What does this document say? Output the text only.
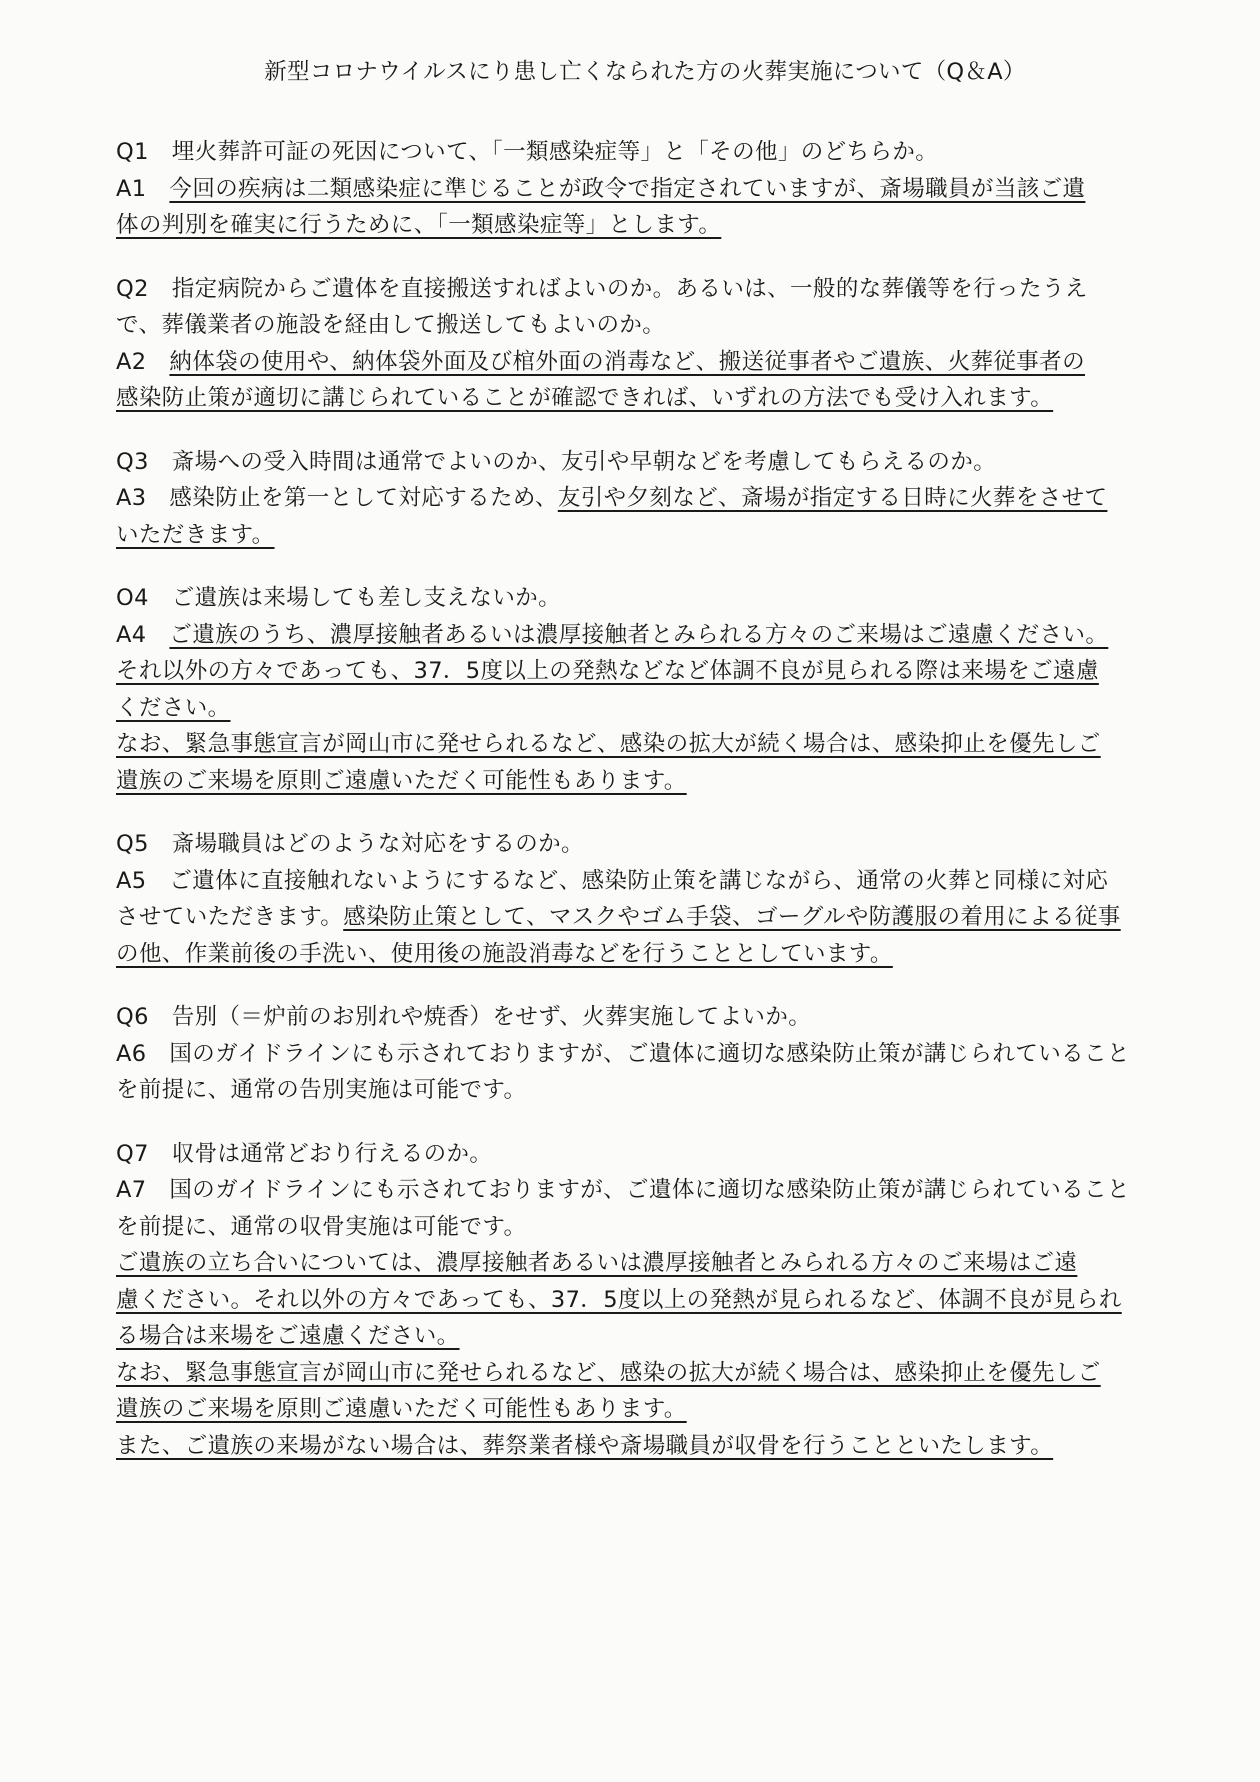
新型コロナウイルスにり患し亡くなられた方の火葬実施について（Q＆A）
Q1　埋火葬許可証の死因について、「一類感染症等」と「その他」のどちらか。
A1　今回の疾病は二類感染症に準じることが政令で指定されていますが、斎場職員が当該ご遺
体の判別を確実に行うために、「一類感染症等」とします。
Q2　指定病院からご遺体を直接搬送すればよいのか。あるいは、一般的な葬儀等を行ったうえ
で、葬儀業者の施設を経由して搬送してもよいのか。
A2　納体袋の使用や、納体袋外面及び棺外面の消毒など、搬送従事者やご遺族、火葬従事者の
感染防止策が適切に講じられていることが確認できれば、いずれの方法でも受け入れます。
Q3　斎場への受入時間は通常でよいのか、友引や早朝などを考慮してもらえるのか。
A3　感染防止を第一として対応するため、友引や夕刻など、斎場が指定する日時に火葬をさせて
いただきます。
O4　ご遺族は来場しても差し支えないか。
A4　ご遺族のうち、濃厚接触者あるいは濃厚接触者とみられる方々のご来場はご遠慮ください。
それ以外の方々であっても、37．5度以上の発熱などなど体調不良が見られる際は来場をご遠慮
ください。
なお、緊急事態宣言が岡山市に発せられるなど、感染の拡大が続く場合は、感染抑止を優先しご
遺族のご来場を原則ご遠慮いただく可能性もあります。
Q5　斎場職員はどのような対応をするのか。
A5　ご遺体に直接触れないようにするなど、感染防止策を講じながら、通常の火葬と同様に対応
させていただきます。感染防止策として、マスクやゴム手袋、ゴーグルや防護服の着用による従事
の他、作業前後の手洗い、使用後の施設消毒などを行うこととしています。
Q6　告別（＝炉前のお別れや焼香）をせず、火葬実施してよいか。
A6　国のガイドラインにも示されておりますが、ご遺体に適切な感染防止策が講じられていること
を前提に、通常の告別実施は可能です。
Q7　収骨は通常どおり行えるのか。
A7　国のガイドラインにも示されておりますが、ご遺体に適切な感染防止策が講じられていること
を前提に、通常の収骨実施は可能です。
ご遺族の立ち合いについては、濃厚接触者あるいは濃厚接触者とみられる方々のご来場はご遠
慮ください。それ以外の方々であっても、37．5度以上の発熱が見られるなど、体調不良が見られ
る場合は来場をご遠慮ください。
なお、緊急事態宣言が岡山市に発せられるなど、感染の拡大が続く場合は、感染抑止を優先しご
遺族のご来場を原則ご遠慮いただく可能性もあります。
また、ご遺族の来場がない場合は、葬祭業者様や斎場職員が収骨を行うことといたします。
